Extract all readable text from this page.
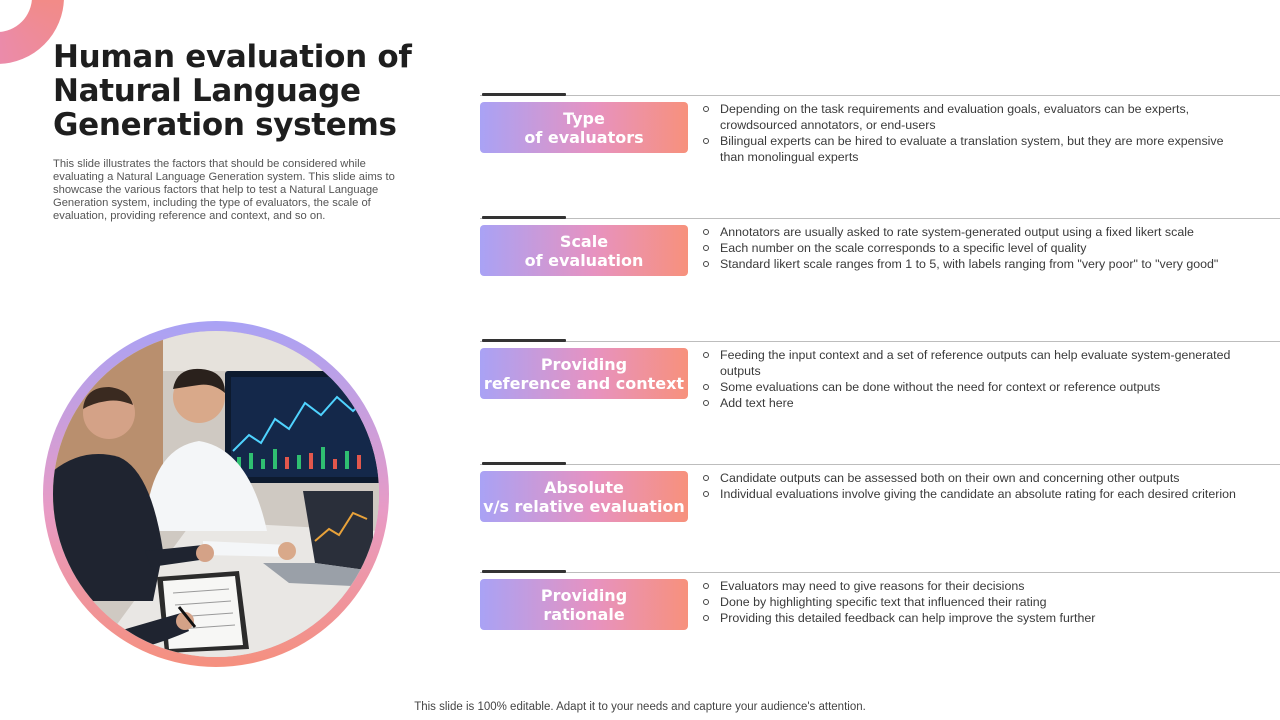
Human evaluation of Natural Language Generation systems

This slide illustrates the factors that should be considered while evaluating a Natural Language Generation system. This slide aims to showcase the various factors that help to test a Natural Language Generation system, including the type of evaluators, the scale of evaluation, providing reference and context, and so on.

Type
of evaluators
Depending on the task requirements and evaluation goals, evaluators can be experts, crowdsourced annotators, or end-users
Bilingual experts can be hired to evaluate a translation system, but they are more expensive than monolingual experts
Scale
of evaluation
Annotators are usually asked to rate system-generated output using a fixed likert scale
Each number on the scale corresponds to a specific level of quality
Standard likert scale ranges from 1 to 5, with labels ranging from "very poor" to "very good"
Providing
reference and context
Feeding the input context and a set of reference outputs can help evaluate system-generated outputs
Some evaluations can be done without the need for context or reference outputs
Add text here
Absolute
v/s relative evaluation
Candidate outputs can be assessed both on their own and concerning other outputs
Individual evaluations involve giving the candidate an absolute rating for each desired criterion
Providing
rationale
Evaluators may need to give reasons for their decisions
Done by highlighting specific text that influenced their rating
Providing this detailed feedback can help improve the system further
This slide is 100% editable. Adapt it to your needs and capture your audience's attention.
